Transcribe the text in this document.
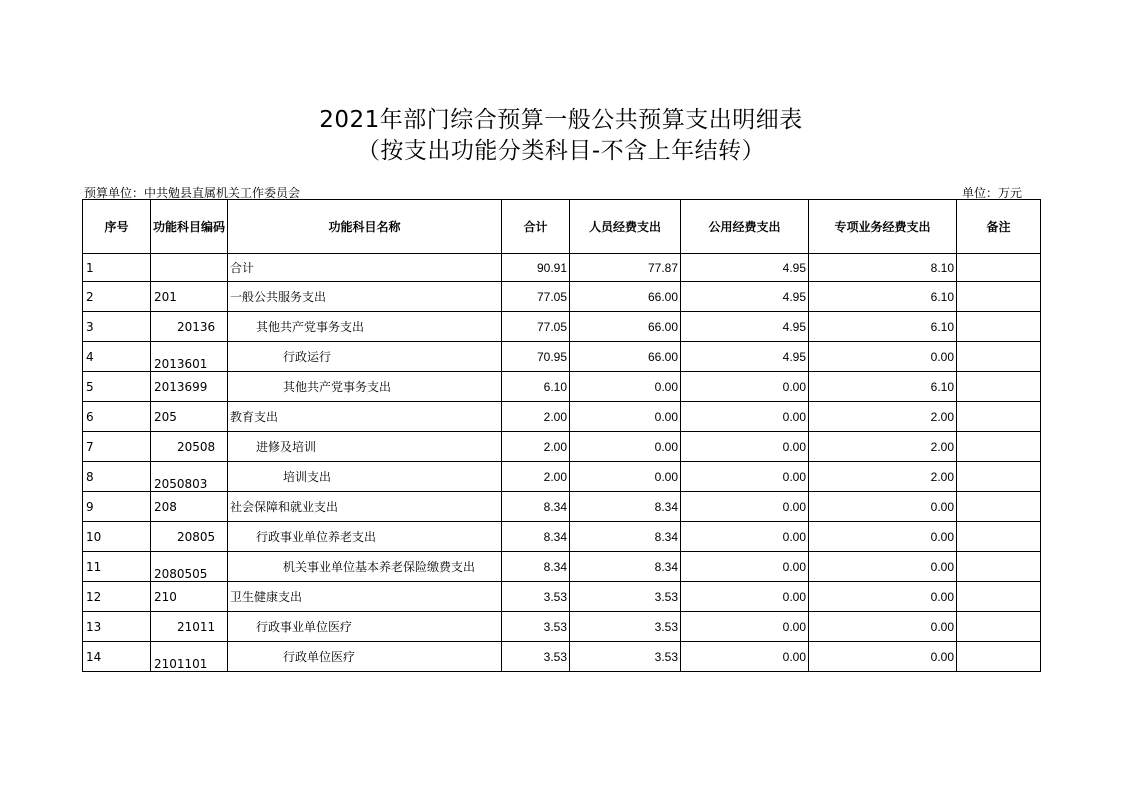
2021年部门综合预算一般公共预算支出明细表
（按支出功能分类科目-不含上年结转）
预算单位：中共勉县直属机关工作委员会	单位：万元
序号	功能科目编码	功能科目名称	合计	人员经费支出	公用经费支出	专项业务经费支出	备注
1		合计	90.91	77.87	4.95	8.10	
2	201	一般公共服务支出	77.05	66.00	4.95	6.10	
3	20136	其他共产党事务支出	77.05	66.00	4.95	6.10	
4	2013601	行政运行	70.95	66.00	4.95	0.00	
5	2013699	其他共产党事务支出	6.10	0.00	0.00	6.10	
6	205	教育支出	2.00	0.00	0.00	2.00	
7	20508	进修及培训	2.00	0.00	0.00	2.00	
8	2050803	培训支出	2.00	0.00	0.00	2.00	
9	208	社会保障和就业支出	8.34	8.34	0.00	0.00	
10	20805	行政事业单位养老支出	8.34	8.34	0.00	0.00	
11	2080505	机关事业单位基本养老保险缴费支出	8.34	8.34	0.00	0.00	
12	210	卫生健康支出	3.53	3.53	0.00	0.00	
13	21011	行政事业单位医疗	3.53	3.53	0.00	0.00	
14	2101101	行政单位医疗	3.53	3.53	0.00	0.00	
